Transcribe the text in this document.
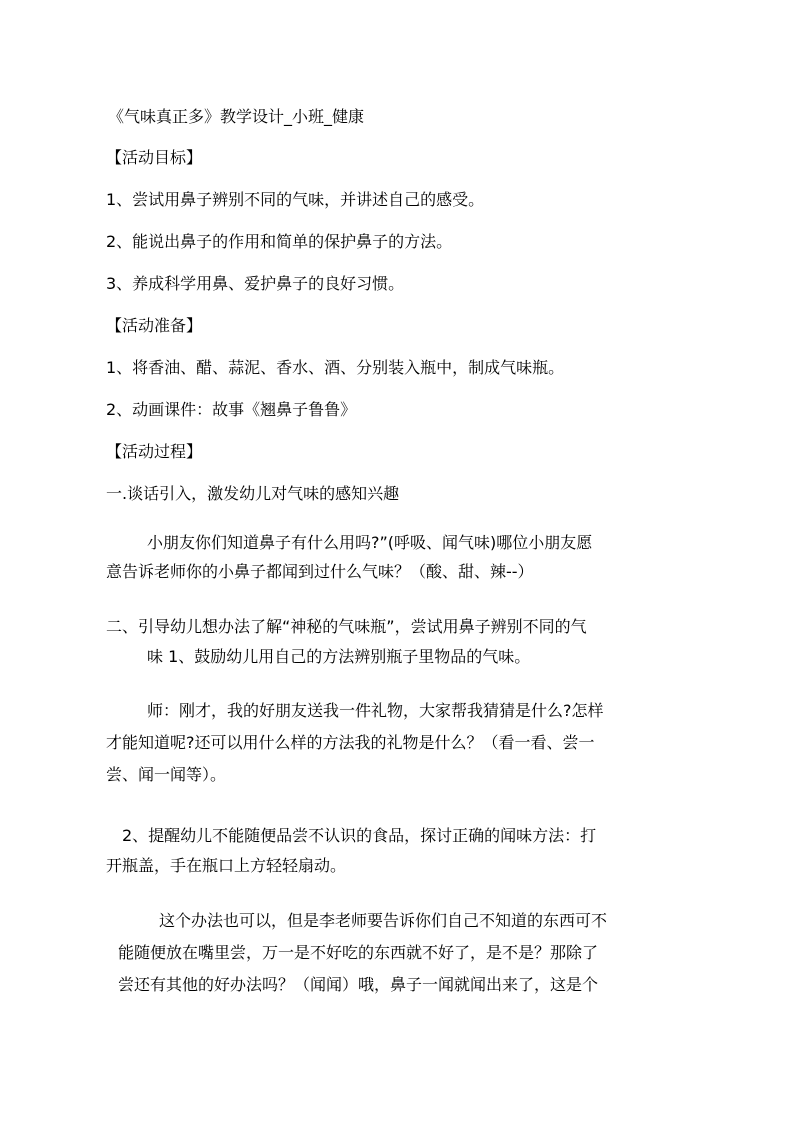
《气味真正多》教学设计_小班_健康

【活动目标】

1、尝试用鼻子辨别不同的气味，并讲述自己的感受。

2、能说出鼻子的作用和简单的保护鼻子的方法。

3、养成科学用鼻、爱护鼻子的良好习惯。

【活动准备】

1、将香油、醋、蒜泥、香水、酒、分别装入瓶中，制成气味瓶。

2、动画课件：故事《翘鼻子鲁鲁》

【活动过程】

一.谈话引入，激发幼儿对气味的感知兴趣

小朋友你们知道鼻子有什么用吗?”(呼吸、闻气味)哪位小朋友愿

意告诉老师你的小鼻子都闻到过什么气味？（酸、甜、辣--）

二、引导幼儿想办法了解“神秘的气味瓶”，尝试用鼻子辨别不同的气

味 1、鼓励幼儿用自己的方法辨别瓶子里物品的气味。

师：刚才，我的好朋友送我一件礼物，大家帮我猜猜是什么?怎样

才能知道呢?还可以用什么样的方法我的礼物是什么？（看一看、尝一

尝、闻一闻等）。

2、提醒幼儿不能随便品尝不认识的食品，探讨正确的闻味方法：打

开瓶盖，手在瓶口上方轻轻扇动。

这个办法也可以，但是李老师要告诉你们自己不知道的东西可不

能随便放在嘴里尝，万一是不好吃的东西就不好了，是不是？那除了

尝还有其他的好办法吗？（闻闻）哦，鼻子一闻就闻出来了，这是个
